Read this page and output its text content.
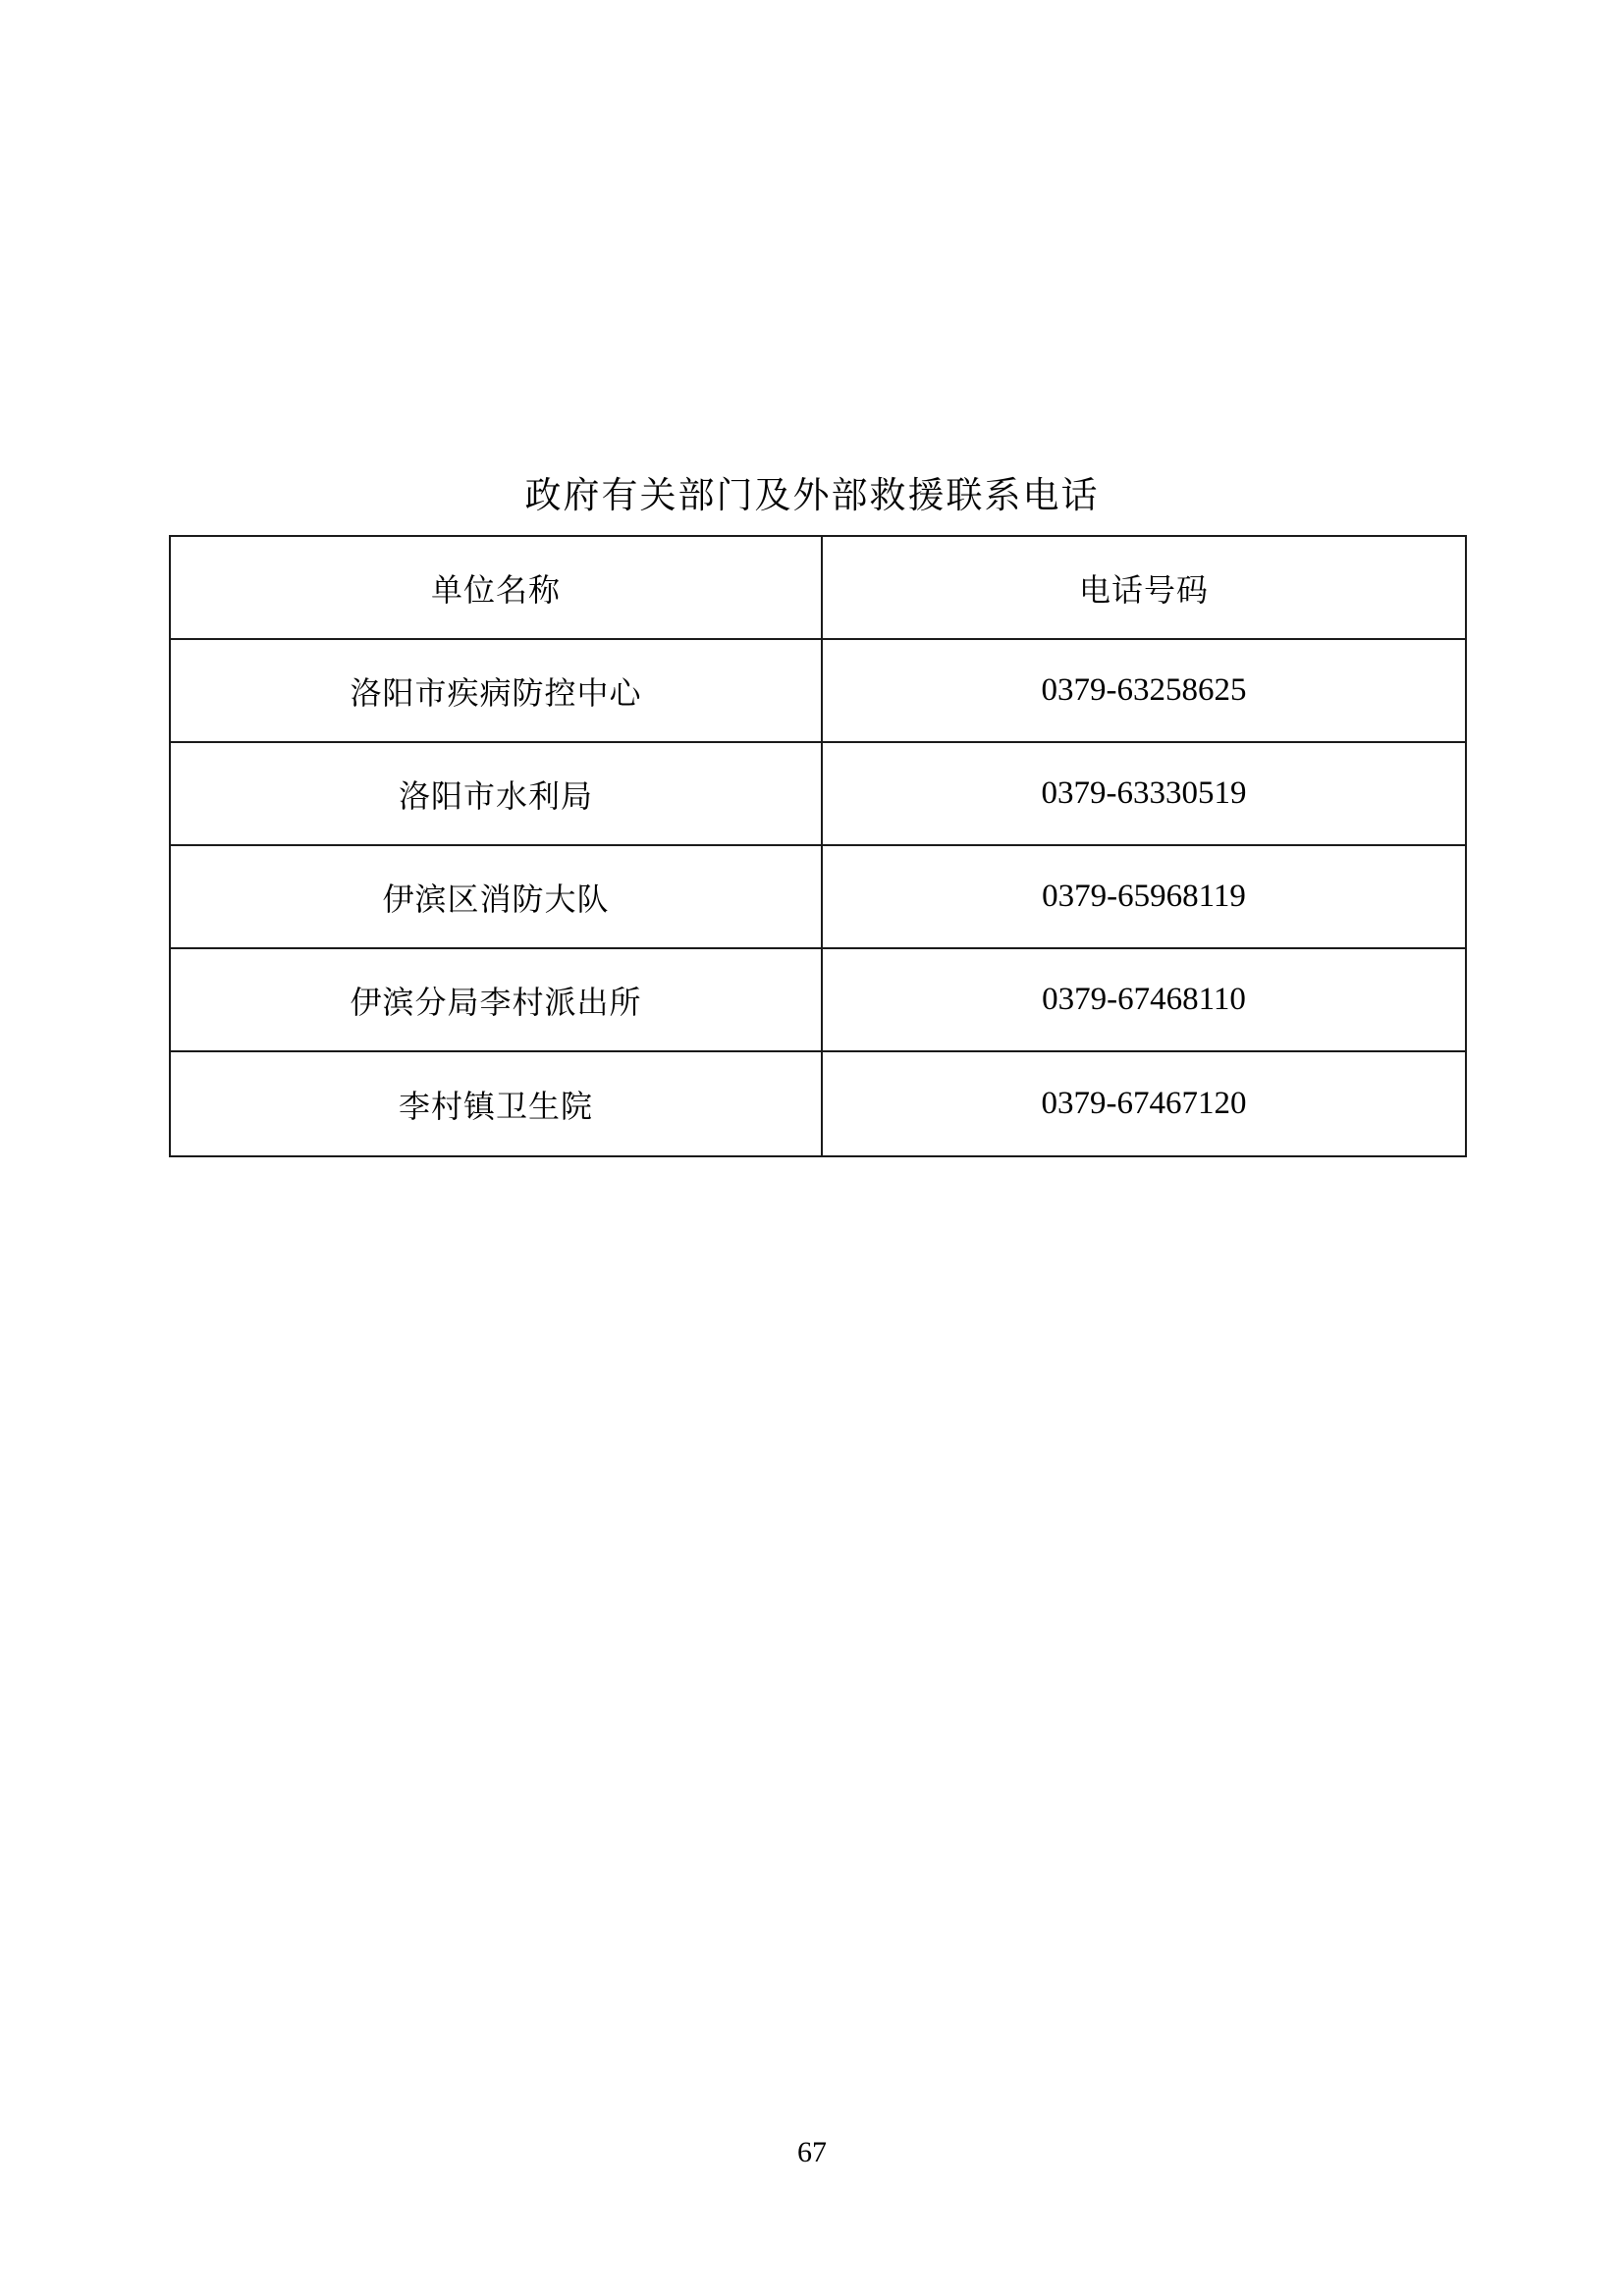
政府有关部门及外部救援联系电话
单位名称	电话号码
洛阳市疾病防控中心	0379-63258625
洛阳市水利局	0379-63330519
伊滨区消防大队	0379-65968119
伊滨分局李村派出所	0379-67468110
李村镇卫生院	0379-67467120
67
